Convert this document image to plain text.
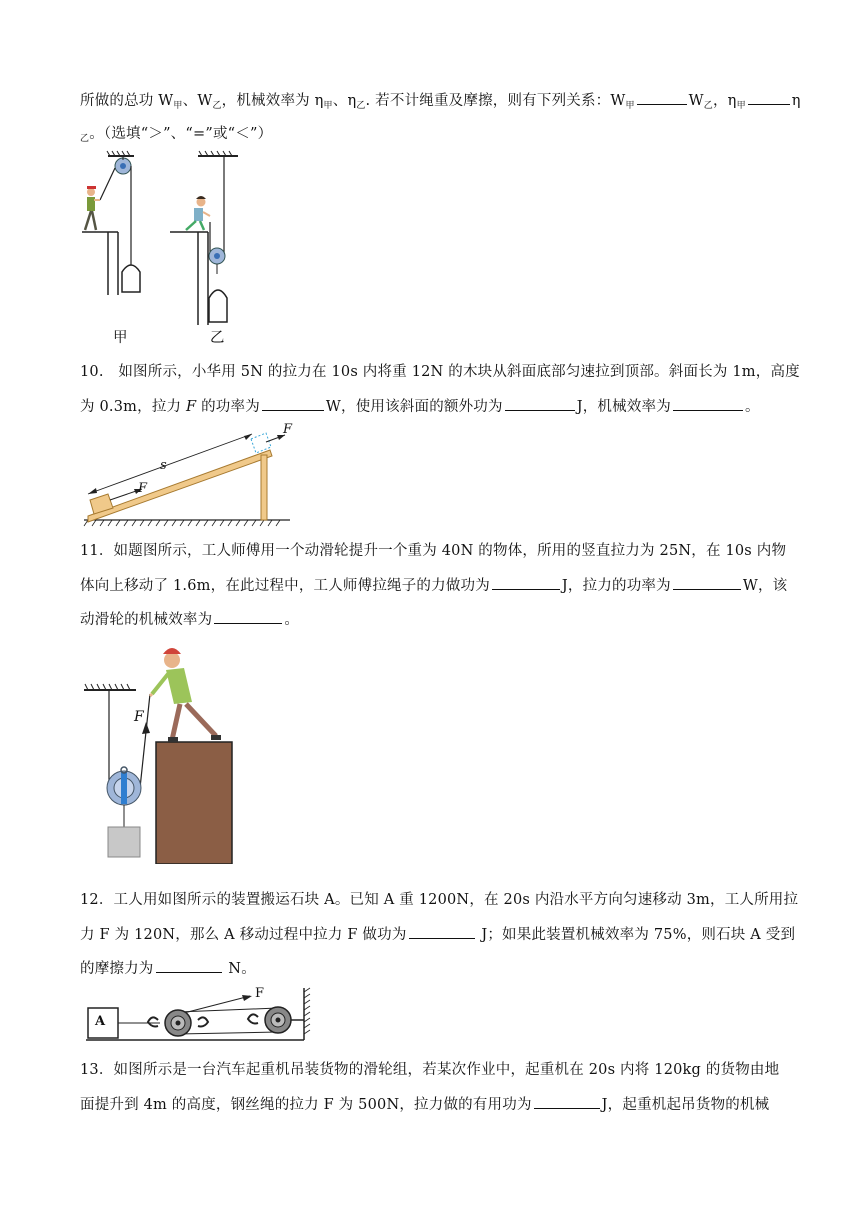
所做的总功 $W_甲$、$W_乙$，机械效率为 $\eta_甲$、$\eta_乙$. 若不计绳重及摩擦，则有下列关系：$W_甲$	$W_乙$，$\eta_甲$	η
$_乙$。（选填“＞”、“=”或“＜”）
甲	乙
10.　如图所示，小华用 5N 的拉力在 10s 内将重 12N 的木块从斜面底部匀速拉到顶部。斜面长为 1m，高度
为 0.3m，拉力 F 的功率为	W，使用该斜面的额外功为	J，机械效率为	。
F
F
s
11．如题图所示，工人师傅用一个动滑轮提升一个重为 40N 的物体，所用的竖直拉力为 25N，在 10s 内物
体向上移动了 1.6m，在此过程中，工人师傅拉绳子的力做功为	J，拉力的功率为	W，该
动滑轮的机械效率为	。
F
12．工人用如图所示的装置搬运石块 A。已知 A 重 1200N，在 20s 内沿水平方向匀速移动 3m，工人所用拉
力 F 为 120N，那么 A 移动过程中拉力 F 做功为	J；如果此装置机械效率为 75%，则石块 A 受到
的摩擦力为	N。
A
F
13．如图所示是一台汽车起重机吊装货物的滑轮组，若某次作业中，起重机在 20s 内将 120kg 的货物由地
面提升到 4m 的高度，钢丝绳的拉力 F 为 500N，拉力做的有用功为	J，起重机起吊货物的机械
